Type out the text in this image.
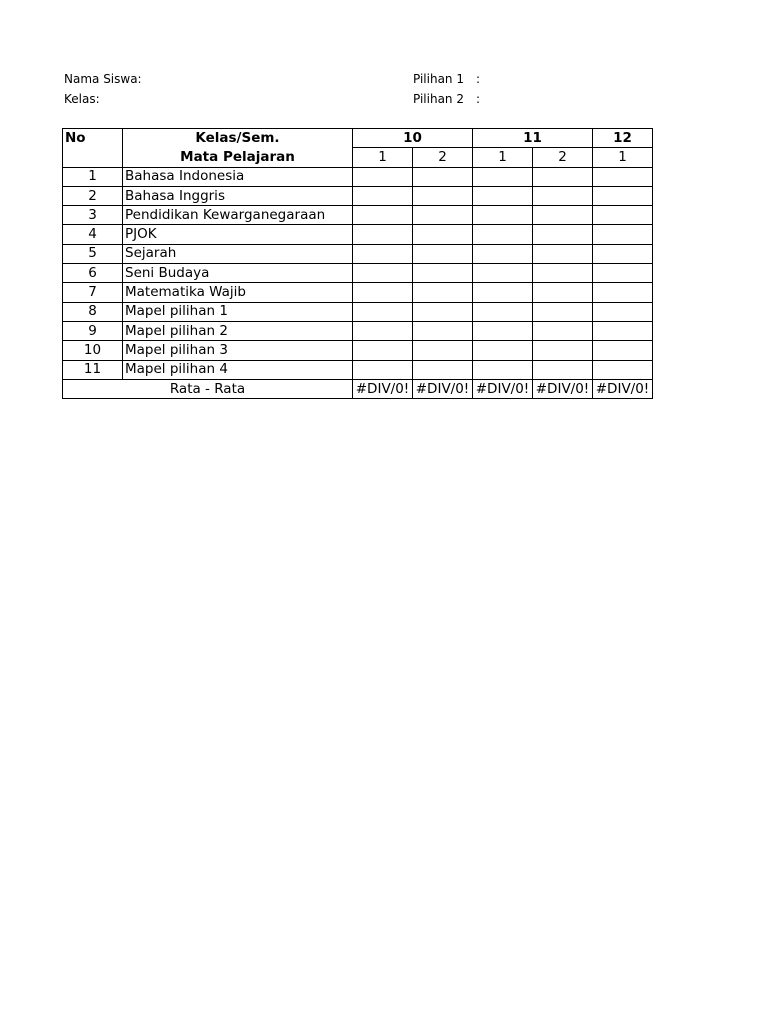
Nama Siswa:
Kelas:
Pilihan 1 :
Pilihan 2 :
No	Kelas/Sem.	10		11		12
	Mata Pelajaran	1	2	1	2	1
1	Bahasa Indonesia					
2	Bahasa Inggris					
3	Pendidikan Kewarganegaraan					
4	PJOK					
5	Sejarah					
6	Seni Budaya					
7	Matematika Wajib					
8	Mapel pilihan 1					
9	Mapel pilihan 2					
10	Mapel pilihan 3					
11	Mapel pilihan 4					
Rata - Rata		#DIV/0!	#DIV/0!	#DIV/0!	#DIV/0!	#DIV/0!
